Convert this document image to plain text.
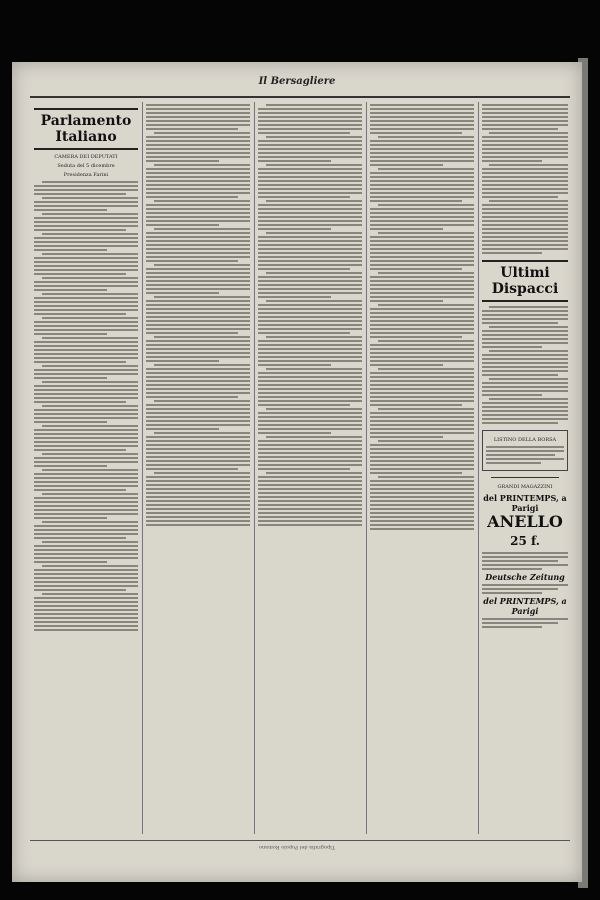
Il Bersagliere
Parlamento Italiano
CAMERA DEI DEPUTATI
Seduta del 5 dicembre
Presidenza Farini
Ultimi Dispacci
LISTINO DELLA BORSA
GRANDI MAGAZZINI
del PRINTEMPS, a Parigi
ANELLO 25 f.
Deutsche Zeitung
del PRINTEMPS, a Parigi
Tipografia del Popolo Romano
